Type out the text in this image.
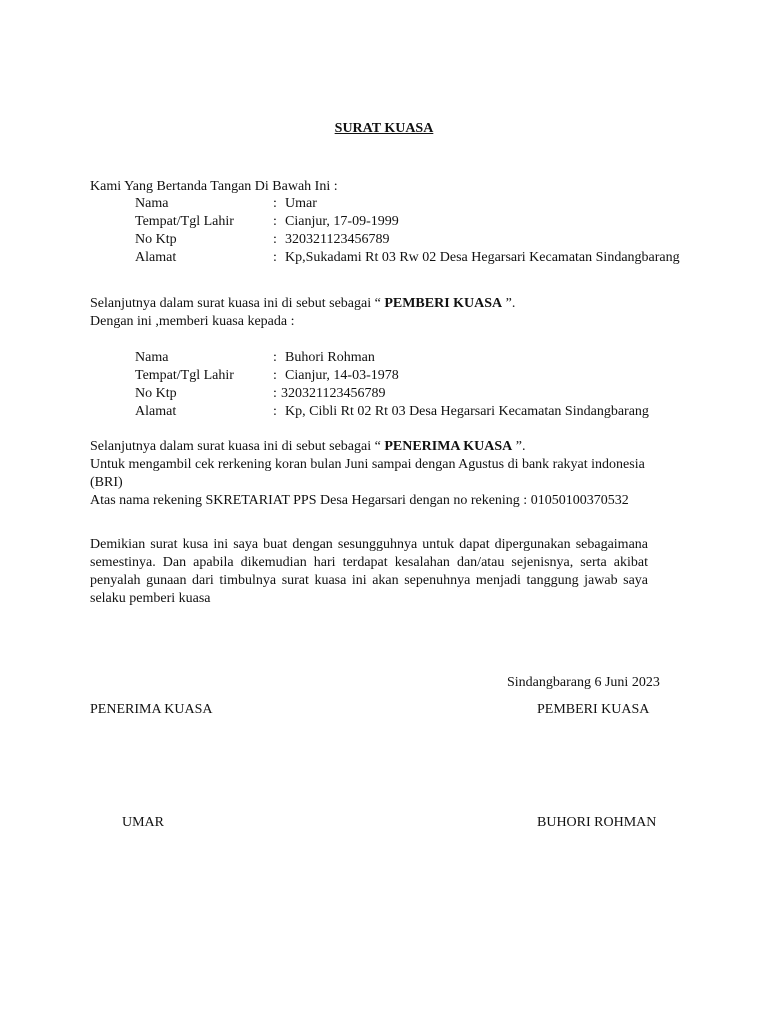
SURAT KUASA
Kami Yang Bertanda Tangan Di Bawah Ini :
Nama	: Umar
Tempat/Tgl Lahir	: Cianjur, 17-09-1999
No Ktp	: 320321123456789
Alamat	: Kp,Sukadami Rt 03 Rw 02 Desa Hegarsari Kecamatan Sindangbarang
Selanjutnya dalam surat kuasa ini di sebut sebagai “ PEMBERI KUASA ”.
Dengan ini ,memberi kuasa kepada :
Nama	: Buhori Rohman
Tempat/Tgl Lahir	: Cianjur, 14-03-1978
No Ktp	: 320321123456789
Alamat	: Kp, Cibli Rt 02 Rt 03 Desa Hegarsari Kecamatan Sindangbarang
Selanjutnya dalam surat kuasa ini di sebut sebagai “ PENERIMA KUASA ”.
Untuk mengambil cek rerkening koran bulan Juni sampai dengan Agustus di bank rakyat indonesia
(BRI)
Atas nama rekening SKRETARIAT PPS Desa Hegarsari dengan no rekening : 01050100370532
Demikian surat kusa ini saya buat dengan sesungguhnya untuk dapat dipergunakan sebagaimana semestinya. Dan apabila dikemudian hari terdapat kesalahan dan/atau sejenisnya, serta akibat penyalah gunaan dari timbulnya surat kuasa ini akan sepenuhnya menjadi tanggung jawab saya selaku pemberi kuasa
Sindangbarang 6 Juni 2023
PENERIMA KUASA	PEMBERI KUASA
UMAR	BUHORI ROHMAN
